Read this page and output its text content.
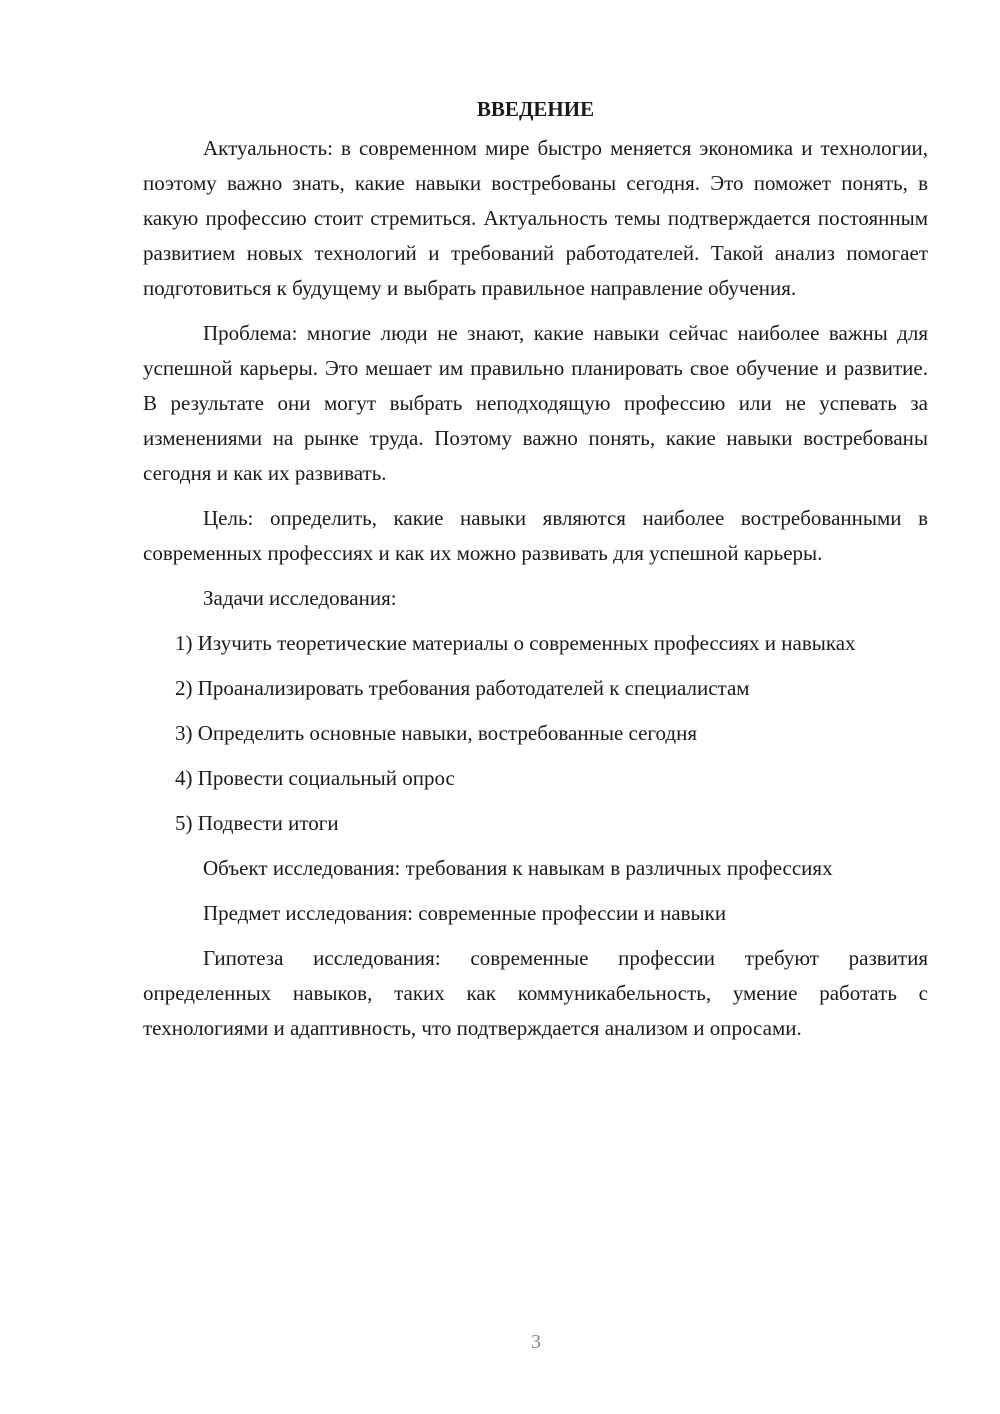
ВВЕДЕНИЕ

Актуальность: в современном мире быстро меняется экономика и технологии, поэтому важно знать, какие навыки востребованы сегодня. Это поможет понять, в какую профессию стоит стремиться. Актуальность темы подтверждается постоянным развитием новых технологий и требований работодателей. Такой анализ помогает подготовиться к будущему и выбрать правильное направление обучения.

Проблема: многие люди не знают, какие навыки сейчас наиболее важны для успешной карьеры. Это мешает им правильно планировать свое обучение и развитие. В результате они могут выбрать неподходящую профессию или не успевать за изменениями на рынке труда. Поэтому важно понять, какие навыки востребованы сегодня и как их развивать.

Цель: определить, какие навыки являются наиболее востребованными в современных профессиях и как их можно развивать для успешной карьеры.

Задачи исследования:

1) Изучить теоретические материалы о современных профессиях и навыках

2) Проанализировать требования работодателей к специалистам

3) Определить основные навыки, востребованные сегодня

4) Провести социальный опрос

5) Подвести итоги

Объект исследования: требования к навыкам в различных профессиях

Предмет исследования: современные профессии и навыки

Гипотеза исследования: современные профессии требуют развития определенных навыков, таких как коммуникабельность, умение работать с технологиями и адаптивность, что подтверждается анализом и опросами.

3
